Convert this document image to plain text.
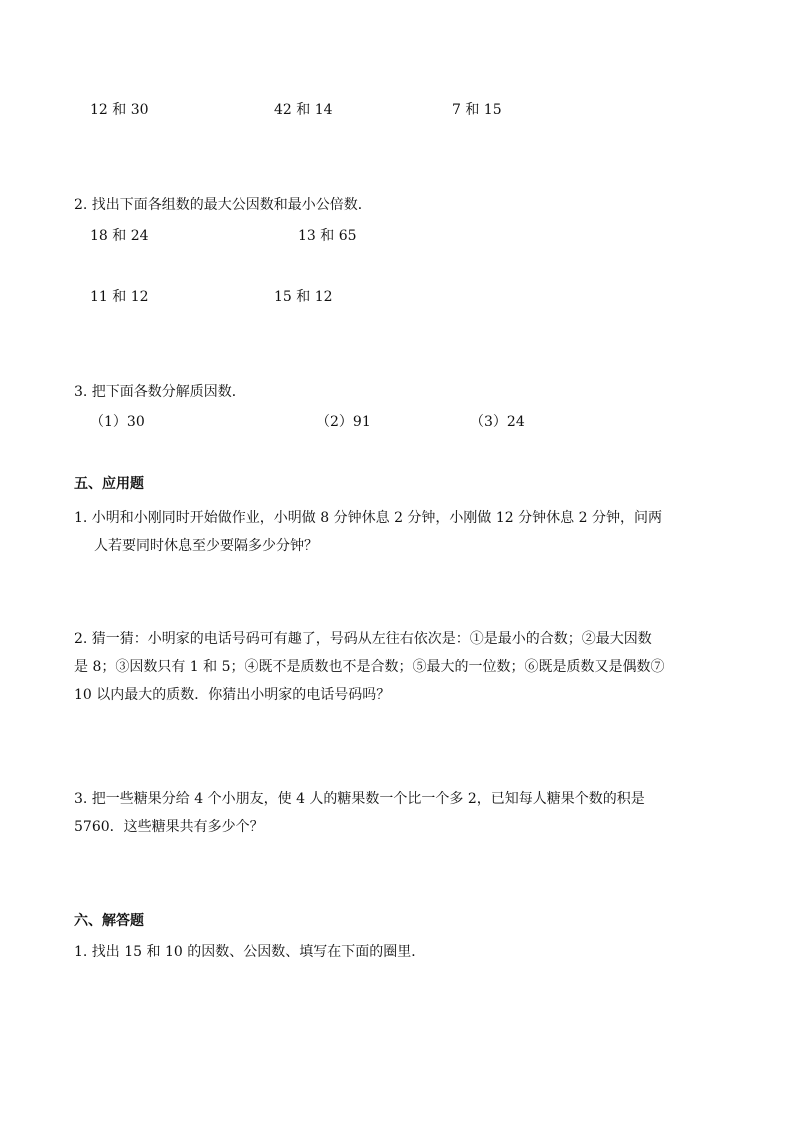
12 和 30	42 和 14	7 和 15
2. 找出下面各组数的最大公因数和最小公倍数．
18 和 24	13 和 65
11 和 12	15 和 12
3. 把下面各数分解质因数．
（1）30	（2）91	（3）24
五、应用题
1. 小明和小刚同时开始做作业，小明做 8 分钟休息 2 分钟，小刚做 12 分钟休息 2 分钟，问两
人若要同时休息至少要隔多少分钟？
2. 猜一猜：小明家的电话号码可有趣了，号码从左往右依次是：①是最小的合数；②最大因数
是 8；③因数只有 1 和 5；④既不是质数也不是合数；⑤最大的一位数；⑥既是质数又是偶数⑦
10 以内最大的质数．你猜出小明家的电话号码吗？
3. 把一些糖果分给 4 个小朋友，使 4 人的糖果数一个比一个多 2，已知每人糖果个数的积是
5760．这些糖果共有多少个？
六、解答题
1. 找出 15 和 10 的因数、公因数、填写在下面的圈里．
